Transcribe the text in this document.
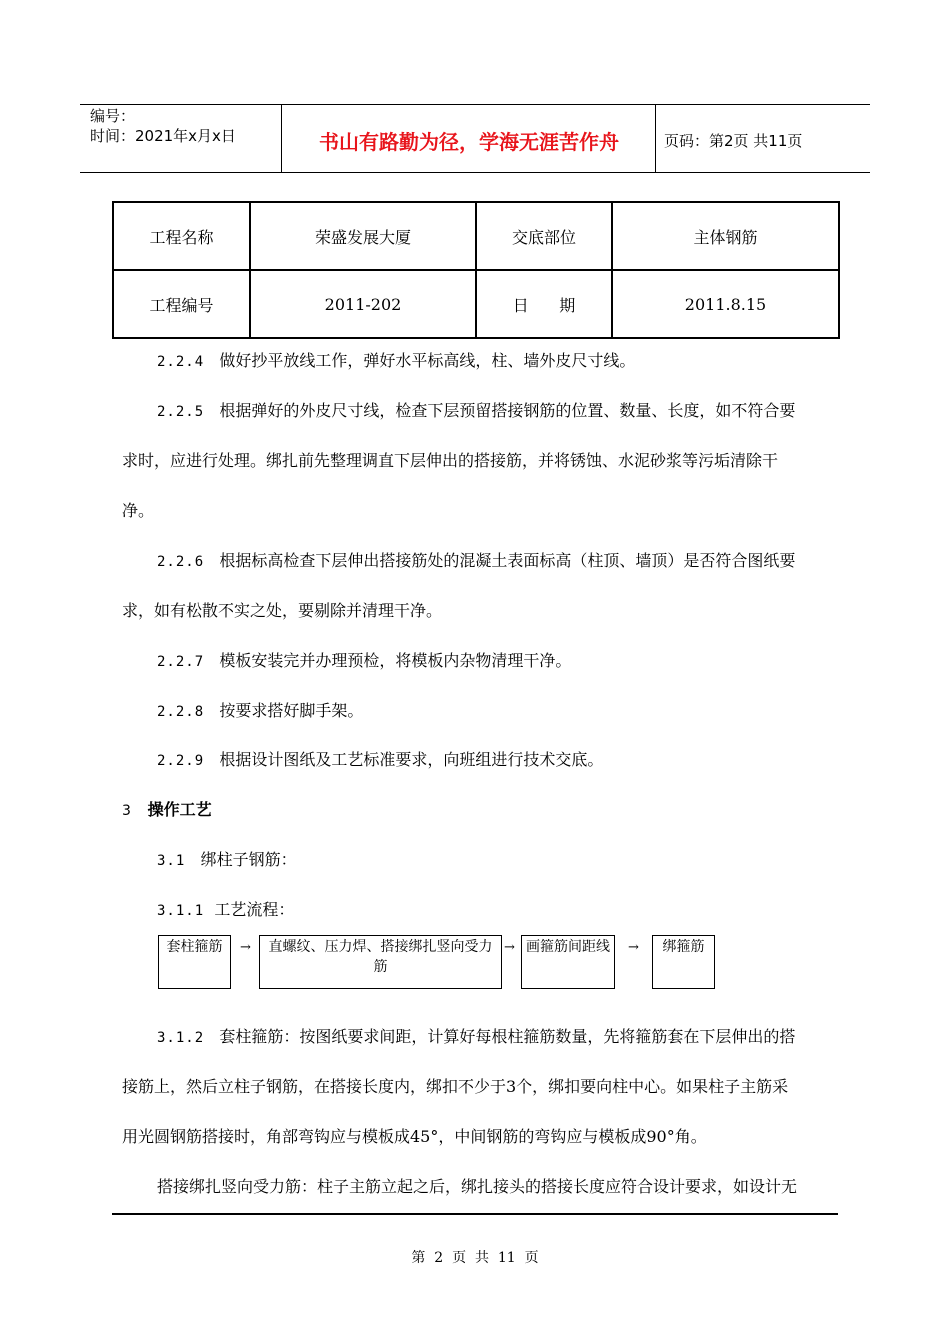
编号：
时间：2021年x月x日	书山有路勤为径，学海无涯苦作舟	页码：第2页 共11页
工程名称	荣盛发展大厦	交底部位	主体钢筋
工程编号	2011-202	日      期	2011.8.15
2.2.4 做好抄平放线工作，弹好水平标高线，柱、墙外皮尺寸线。
2.2.5 根据弹好的外皮尺寸线，检查下层预留搭接钢筋的位置、数量、长度，如不符合要
求时，应进行处理。绑扎前先整理调直下层伸出的搭接筋，并将锈蚀、水泥砂浆等污垢清除干
净。
2.2.6 根据标高检查下层伸出搭接筋处的混凝土表面标高（柱顶、墙顶）是否符合图纸要
求，如有松散不实之处，要剔除并清理干净。
2.2.7 模板安装完并办理预检，将模板内杂物清理干净。
2.2.8 按要求搭好脚手架。
2.2.9 根据设计图纸及工艺标准要求，向班组进行技术交底。
3 操作工艺
3.1 绑柱子钢筋：
3.1.1 工艺流程：
套柱箍筋	→	直螺纹、压力焊、搭接绑扎竖向受力
筋
→ 画箍筋间距线	→	绑箍筋
3.1.2 套柱箍筋：按图纸要求间距，计算好每根柱箍筋数量，先将箍筋套在下层伸出的搭
接筋上，然后立柱子钢筋，在搭接长度内，绑扣不少于3个，绑扣要向柱中心。如果柱子主筋采
用光圆钢筋搭接时，角部弯钩应与模板成45°，中间钢筋的弯钩应与模板成90°角。
搭接绑扎竖向受力筋：柱子主筋立起之后，绑扎接头的搭接长度应符合设计要求，如设计无
第  2  页  共  11  页
